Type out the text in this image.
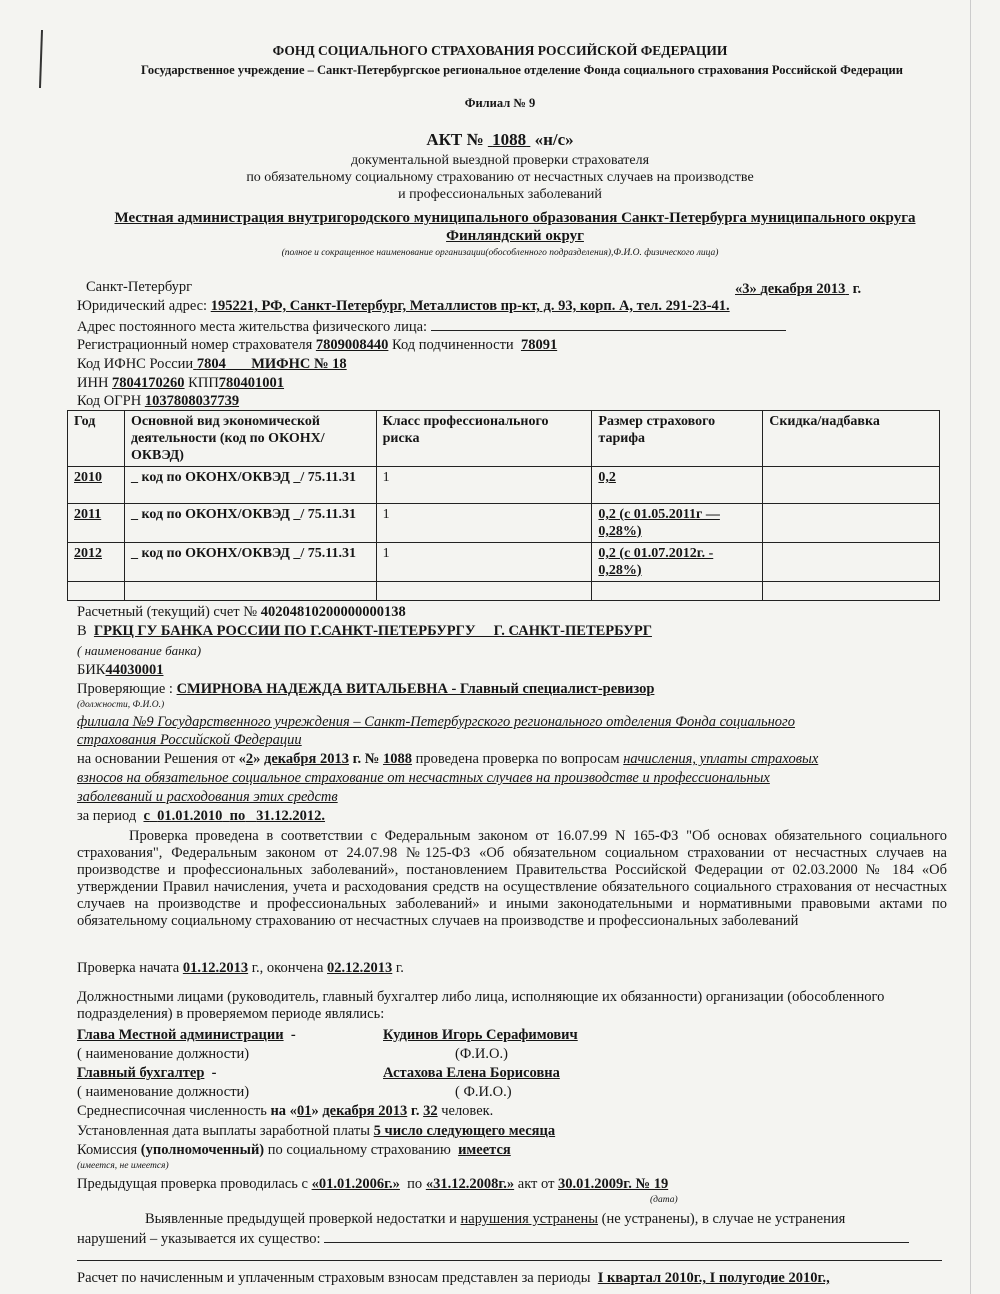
ФОНД СОЦИАЛЬНОГО СТРАХОВАНИЯ РОССИЙСКОЙ ФЕДЕРАЦИИ
Государственное учреждение – Санкт-Петербургское региональное отделение Фонда социального страхования Российской Федерации
Филиал № 9
АКТ № 1088 «н/с»
документальной выездной проверки страхователя
по обязательному социальному страхованию от несчастных случаев на производстве
и профессиональных заболеваний
Местная администрация внутригородского муниципального образования Санкт-Петербурга муниципального округа Финляндский округ
(полное и сокращенное наименование организации(обособленного подразделения),Ф.И.О. физического лица)
Санкт-Петербург	«3» декабря 2013 г.
Юридический адрес: 195221, РФ, Санкт-Петербург, Металлистов пр-кт, д. 93, корп. А, тел. 291-23-41.
Адрес постоянного места жительства физического лица:
Регистрационный номер страхователя 7809008440 Код подчиненности 78091
Код ИФНС России 7804 МИФНС № 18
ИНН 7804170260 КПП780401001
Код ОГРН 1037808037739
Год	Основной вид экономической деятельности (код по ОКОНХ/ОКВЭД)	Класс профессионального риска	Размер страхового тарифа	Скидка/надбавка
2010	_ код по ОКОНХ/ОКВЭД _/ 75.11.31	1	0,2	
2011	_ код по ОКОНХ/ОКВЭД _/ 75.11.31	1	0,2 (с 01.05.2011г — 0,28%)	
2012	_ код по ОКОНХ/ОКВЭД _/ 75.11.31	1	0,2 (с 01.07.2012г. - 0,28%)	

Расчетный (текущий) счет № 40204810200000000138
В ГРКЦ ГУ БАНКА РОССИИ ПО Г.САНКТ-ПЕТЕРБУРГУ     Г. САНКТ-ПЕТЕРБУРГ
( наименование банка)
БИК44030001
Проверяющие : СМИРНОВА НАДЕЖДА ВИТАЛЬЕВНА - Главный специалист-ревизор
(должности, Ф.И.О.)
филиала №9 Государственного учреждения – Санкт-Петербургского регионального отделения Фонда социального
страхования Российской Федерации
на основании Решения от «2» декабря 2013 г. № 1088 проведена проверка по вопросам начисления, уплаты страховых
взносов на обязательное социальное страхование от несчастных случаев на производстве и профессиональных
заболеваний и расходования этих средств
за период с 01.01.2010 по 31.12.2012.
Проверка проведена в соответствии с Федеральным законом от 16.07.99 N 165-ФЗ "Об основах обязательного социального страхования", Федеральным законом от 24.07.98 №125-ФЗ «Об обязательном социальном страховании от несчастных случаев на производстве и профессиональных заболеваний», постановлением Правительства Российской Федерации от 02.03.2000 № 184 «Об утверждении Правил начисления, учета и расходования средств на осуществление обязательного социального страхования от несчастных случаев на производстве и профессиональных заболеваний» и иными законодательными и нормативными правовыми актами по обязательному социальному страхованию от несчастных случаев на производстве и профессиональных заболеваний
Проверка начата 01.12.2013 г., окончена 02.12.2013 г.
Должностными лицами (руководитель, главный бухгалтер либо лица, исполняющие их обязанности) организации (обособленного подразделения) в проверяемом периоде являлись:
Глава Местной администрации -	Кудинов Игорь Серафимович
( наименование должности)	(Ф.И.О.)
Главный бухгалтер -	Астахова Елена Борисовна
( наименование должности)	( Ф.И.О.)
Среднесписочная численность на «01» декабря 2013 г. 32 человек.
Установленная дата выплаты заработной платы 5 число следующего месяца
Комиссия (уполномоченный) по социальному страхованию имеется
(имеется, не имеется)
Предыдущая проверка проводилась с «01.01.2006г.» по «31.12.2008г.» акт от 30.01.2009г. № 19
(дата)
Выявленные предыдущей проверкой недостатки и нарушения устранены (не устранены), в случае не устранения
нарушений – указывается их существо:
Расчет по начисленным и уплаченным страховым взносам представлен за периоды I квартал 2010г., I полугодие 2010г.,
